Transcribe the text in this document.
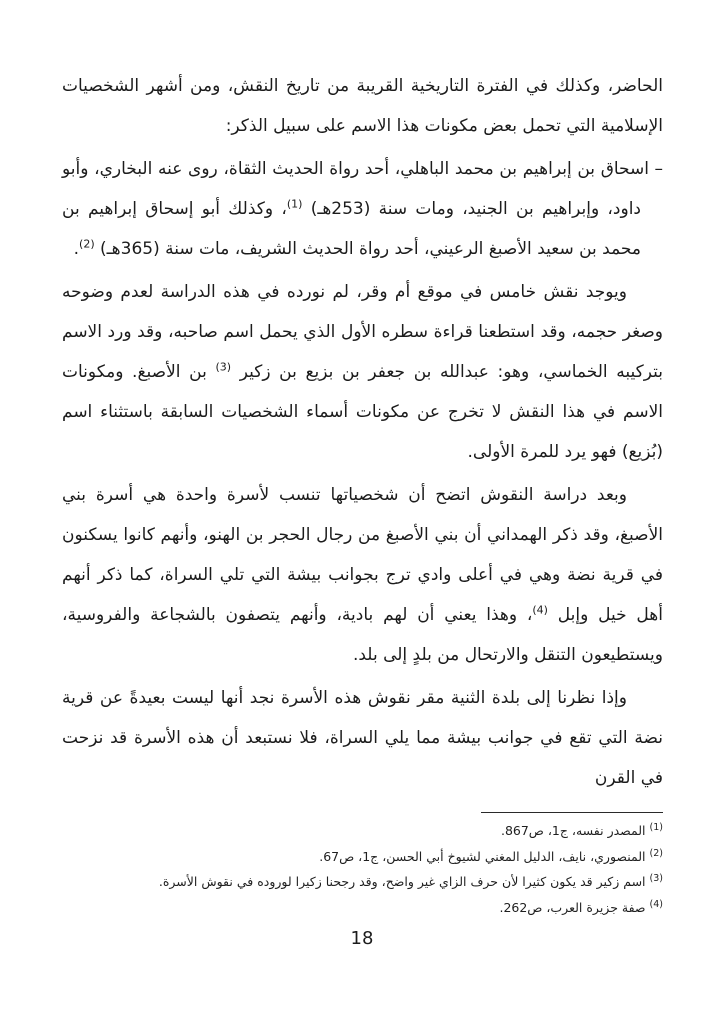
الحاضر، وكذلك في الفترة التاريخية القريبة من تاريخ النقش، ومن أشهر الشخصيات الإسلامية التي تحمل بعض مكونات هذا الاسم على سبيل الذكر:

–اسحاق بن إبراهيم بن محمد الباهلي، أحد رواة الحديث الثقاة، روى عنه البخاري، وأبو داود، وإبراهيم بن الجنيد، ومات سنة (253هـ) $^{(1)}$، وكذلك أبو إسحاق إبراهيم بن محمد بن سعيد الأصبغ الرعيني، أحد رواة الحديث الشريف، مات سنة (365هـ) $^{(2)}$.

ويوجد نقش خامس في موقع أم وقر، لم نورده في هذه الدراسة لعدم وضوحه وصغر حجمه، وقد استطعنا قراءة سطره الأول الذي يحمل اسم صاحبه، وقد ورد الاسم بتركيبه الخماسي، وهو: عبدالله بن جعفر بن بزيع بن زكير $^{(3)}$ بن الأصبغ. ومكونات الاسم في هذا النقش لا تخرج عن مكونات أسماء الشخصيات السابقة باستثناء اسم (بُزيع) فهو يرد للمرة الأولى.

وبعد دراسة النقوش اتضح أن شخصياتها تنسب لأسرة واحدة هي أسرة بني الأصبغ، وقد ذكر الهمداني أن بني الأصبغ من رجال الحجر بن الهنو، وأنهم كانوا يسكنون في قرية نضة وهي في أعلى وادي ترج بجوانب بيشة التي تلي السراة، كما ذكر أنهم أهل خيل وإبل $^{(4)}$، وهذا يعني أن لهم بادية، وأنهم يتصفون بالشجاعة والفروسية، ويستطيعون التنقل والارتحال من بلدٍ إلى بلد.

وإذا نظرنا إلى بلدة الثنية مقر نقوش هذه الأسرة نجد أنها ليست بعيدةً عن قرية نضة التي تقع في جوانب بيشة مما يلي السراة، فلا نستبعد أن هذه الأسرة قد نزحت في القرن

$^{(1)}$ المصدر نفسه، ج1، ص867.
$^{(2)}$ المنصوري، نايف، الدليل المغني لشيوخ أبي الحسن، ج1، ص67.
$^{(3)}$ اسم زكير قد يكون كثيرا لأن حرف الزاي غير واضح، وقد رجحنا زكيرا لوروده في نقوش الأسرة.
$^{(4)}$ صفة جزيرة العرب، ص262.
18
